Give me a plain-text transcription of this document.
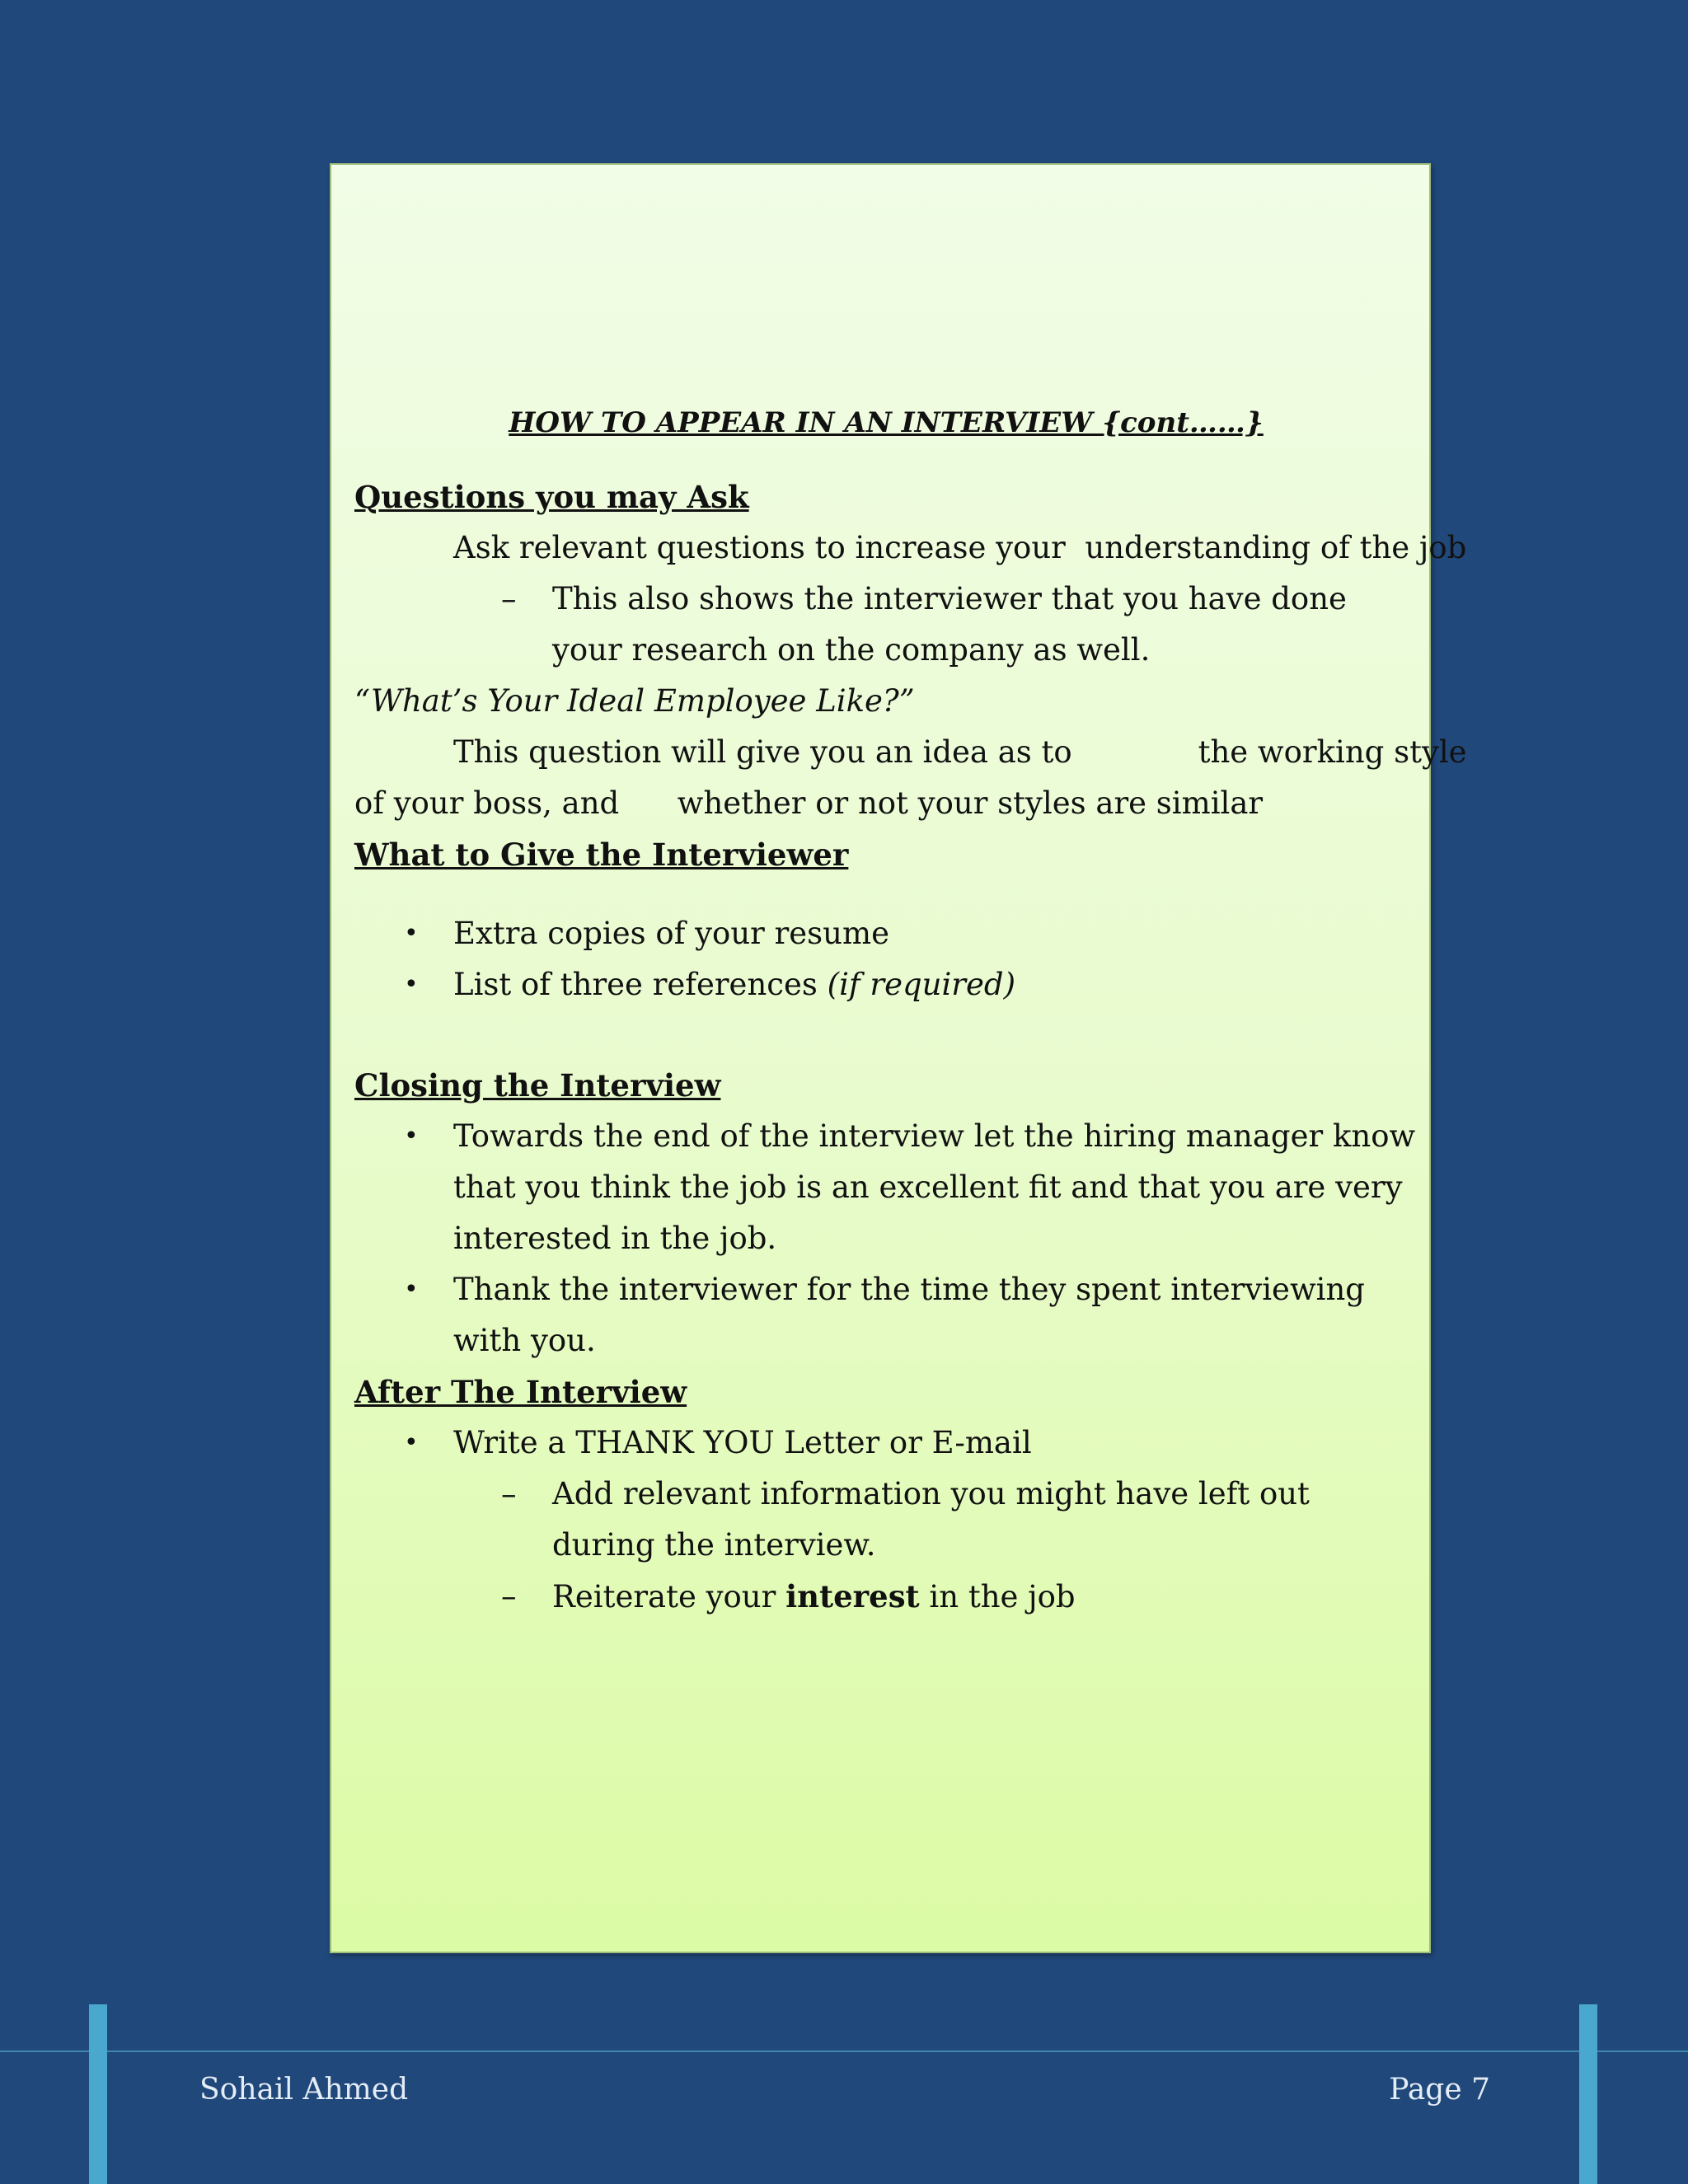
HOW TO APPEAR IN AN INTERVIEW {cont……}

Questions you may Ask

Ask relevant questions to increase your  understanding of the job

– This also shows the interviewer that you have done your research on the company as well.

“What’s Your Ideal Employee Like?”

This question will give you an idea as to             the working style

of your boss, and      whether or not your styles are similar

What to Give the Interviewer

• Extra copies of your resume
• List of three references (if required)

Closing the Interview

• Towards the end of the interview let the hiring manager know that you think the job is an excellent fit and that you are very interested in the job.
• Thank the interviewer for the time they spent interviewing with you.

After The Interview

• Write a THANK YOU Letter or E-mail
– Add relevant information you might have left out during the interview.
– Reiterate your interest in the job
Sohail Ahmed	Page 7
